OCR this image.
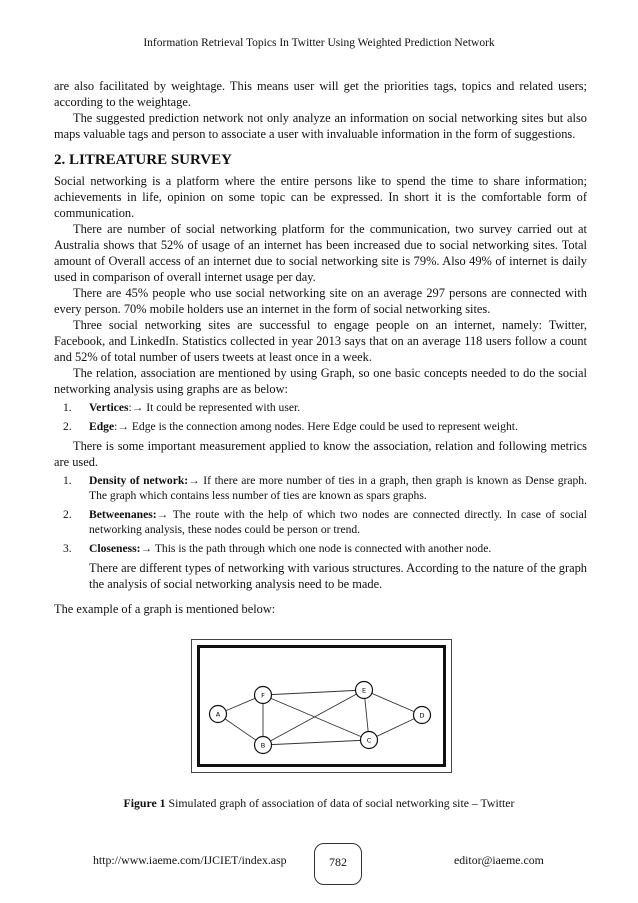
Information Retrieval Topics In Twitter Using Weighted Prediction Network

are also facilitated by weightage. This means user will get the priorities tags, topics and related users; according to the weightage.

The suggested prediction network not only analyze an information on social networking sites but also maps valuable tags and person to associate a user with invaluable information in the form of suggestions.

2. LITREATURE SURVEY

Social networking is a platform where the entire persons like to spend the time to share information; achievements in life, opinion on some topic can be expressed. In short it is the comfortable form of communication.

There are number of social networking platform for the communication, two survey carried out at Australia shows that 52% of usage of an internet has been increased due to social networking sites. Total amount of Overall access of an internet due to social networking site is 79%. Also 49% of internet is daily used in comparison of overall internet usage per day.

There are 45% people who use social networking site on an average 297 persons are connected with every person. 70% mobile holders use an internet in the form of social networking sites.

Three social networking sites are successful to engage people on an internet, namely: Twitter, Facebook, and LinkedIn. Statistics collected in year 2013 says that on an average 118 users follow a count and 52% of total number of users tweets at least once in a week.

The relation, association are mentioned by using Graph, so one basic concepts needed to do the social networking analysis using graphs are as below:

1. Vertices:→ It could be represented with user.
2. Edge:→ Edge is the connection among nodes. Here Edge could be used to represent weight.

There is some important measurement applied to know the association, relation and following metrics are used.

1. Density of network:→ If there are more number of ties in a graph, then graph is known as Dense graph. The graph which contains less number of ties are known as spars graphs.
2. Betweenanes:→ The route with the help of which two nodes are connected directly. In case of social networking analysis, these nodes could be person or trend.
3. Closeness:→ This is the path through which one node is connected with another node.

There are different types of networking with various structures. According to the nature of the graph the analysis of social networking analysis need to be made.

The example of a graph is mentioned below:

A
F
B
E
C
D
Figure 1 Simulated graph of association of data of social networking site – Twitter
http://www.iaeme.com/IJCIET/index.asp	782	editor@iaeme.com
